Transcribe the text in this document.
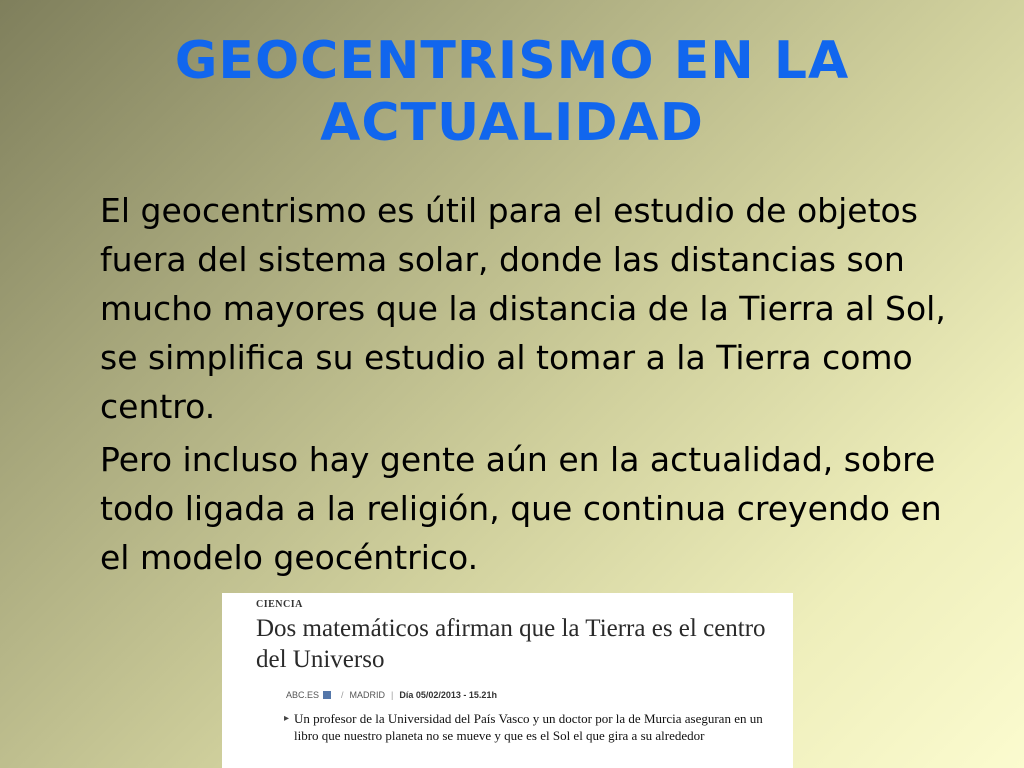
GEOCENTRISMO EN LA
ACTUALIDAD

El geocentrismo es útil para el estudio de objetos fuera del sistema solar, donde las distancias son mucho mayores que la distancia de la Tierra al Sol, se simplifica su estudio al tomar a la Tierra como centro.

Pero incluso hay gente aún en la actualidad, sobre todo ligada a la religión, que continua creyendo en el modelo geocéntrico.

CIENCIA
Dos matemáticos afirman que la Tierra es el centro del Universo
ABC.ES / MADRID | Día 05/02/2013 - 15.21h
▸ Un profesor de la Universidad del País Vasco y un doctor por la de Murcia aseguran en un libro que nuestro planeta no se mueve y que es el Sol el que gira a su alrededor
